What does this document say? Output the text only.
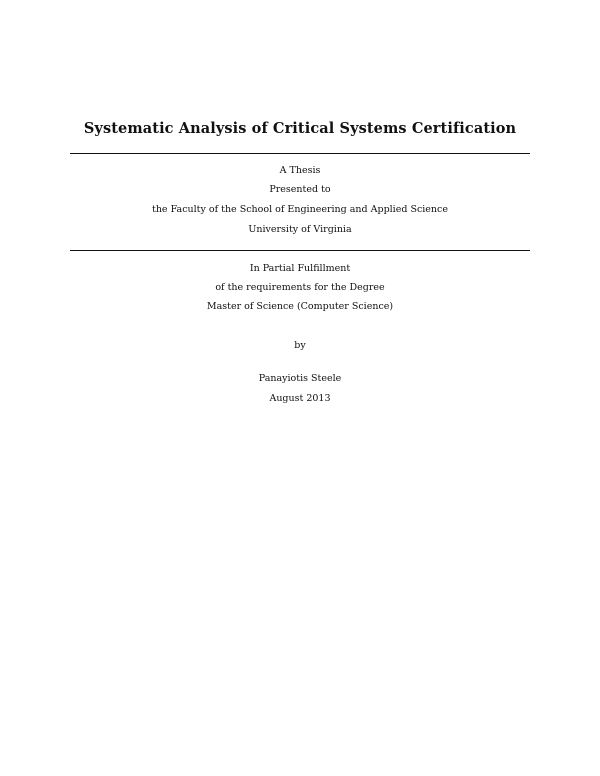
Systematic Analysis of Critical Systems Certification
A Thesis
Presented to
the Faculty of the School of Engineering and Applied Science
University of Virginia
In Partial Fulfillment
of the requirements for the Degree
Master of Science (Computer Science)
by
Panayiotis Steele
August 2013
